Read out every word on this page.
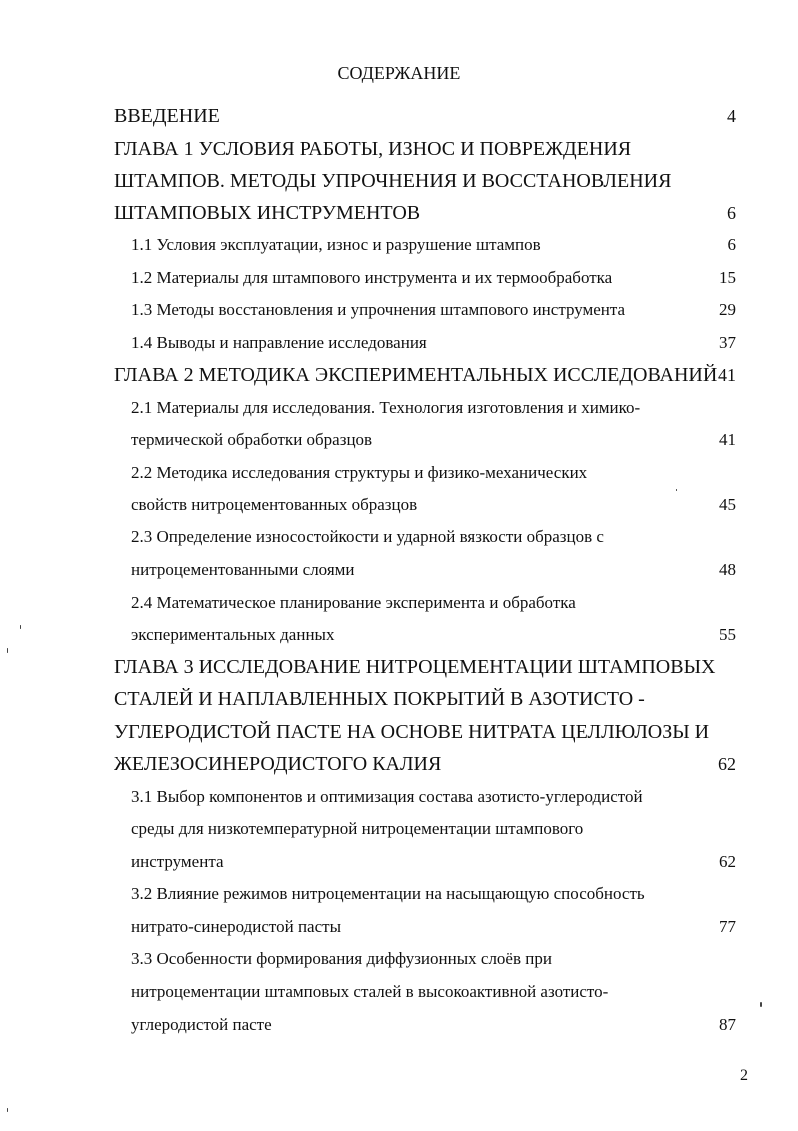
СОДЕРЖАНИЕ
ВВЕДЕНИЕ	4
ГЛАВА 1 УСЛОВИЯ РАБОТЫ, ИЗНОС И ПОВРЕЖДЕНИЯ
ШТАМПОВ. МЕТОДЫ УПРОЧНЕНИЯ И ВОССТАНОВЛЕНИЯ
ШТАМПОВЫХ ИНСТРУМЕНТОВ	6
1.1 Условия эксплуатации, износ и разрушение штампов	6
1.2 Материалы для штампового инструмента и их термообработка	15
1.3 Методы восстановления и упрочнения штампового инструмента	29
1.4 Выводы и направление исследования	37
ГЛАВА 2 МЕТОДИКА ЭКСПЕРИМЕНТАЛЬНЫХ ИССЛЕДОВАНИЙ 41
2.1 Материалы для исследования. Технология изготовления и химико-
термической обработки образцов	41
2.2 Методика исследования структуры и физико-механических
свойств нитроцементованных образцов	45
2.3 Определение износостойкости и ударной вязкости образцов с
нитроцементованными слоями	48
2.4 Математическое планирование эксперимента и обработка
экспериментальных данных	55
ГЛАВА 3 ИССЛЕДОВАНИЕ НИТРОЦЕМЕНТАЦИИ ШТАМПОВЫХ
СТАЛЕЙ И НАПЛАВЛЕННЫХ ПОКРЫТИЙ В АЗОТИСТО -
УГЛЕРОДИСТОЙ ПАСТЕ НА ОСНОВЕ НИТРАТА ЦЕЛЛЮЛОЗЫ И
ЖЕЛЕЗОСИНЕРОДИСТОГО КАЛИЯ	62
3.1 Выбор компонентов и оптимизация состава азотисто-углеродистой
среды для низкотемпературной нитроцементации штампового
инструмента	62
3.2 Влияние режимов нитроцементации на насыщающую способность
нитрато-синеродистой пасты	77
3.3 Особенности формирования диффузионных слоёв при
нитроцементации штамповых сталей в высокоактивной азотисто-
углеродистой пасте	87
2
